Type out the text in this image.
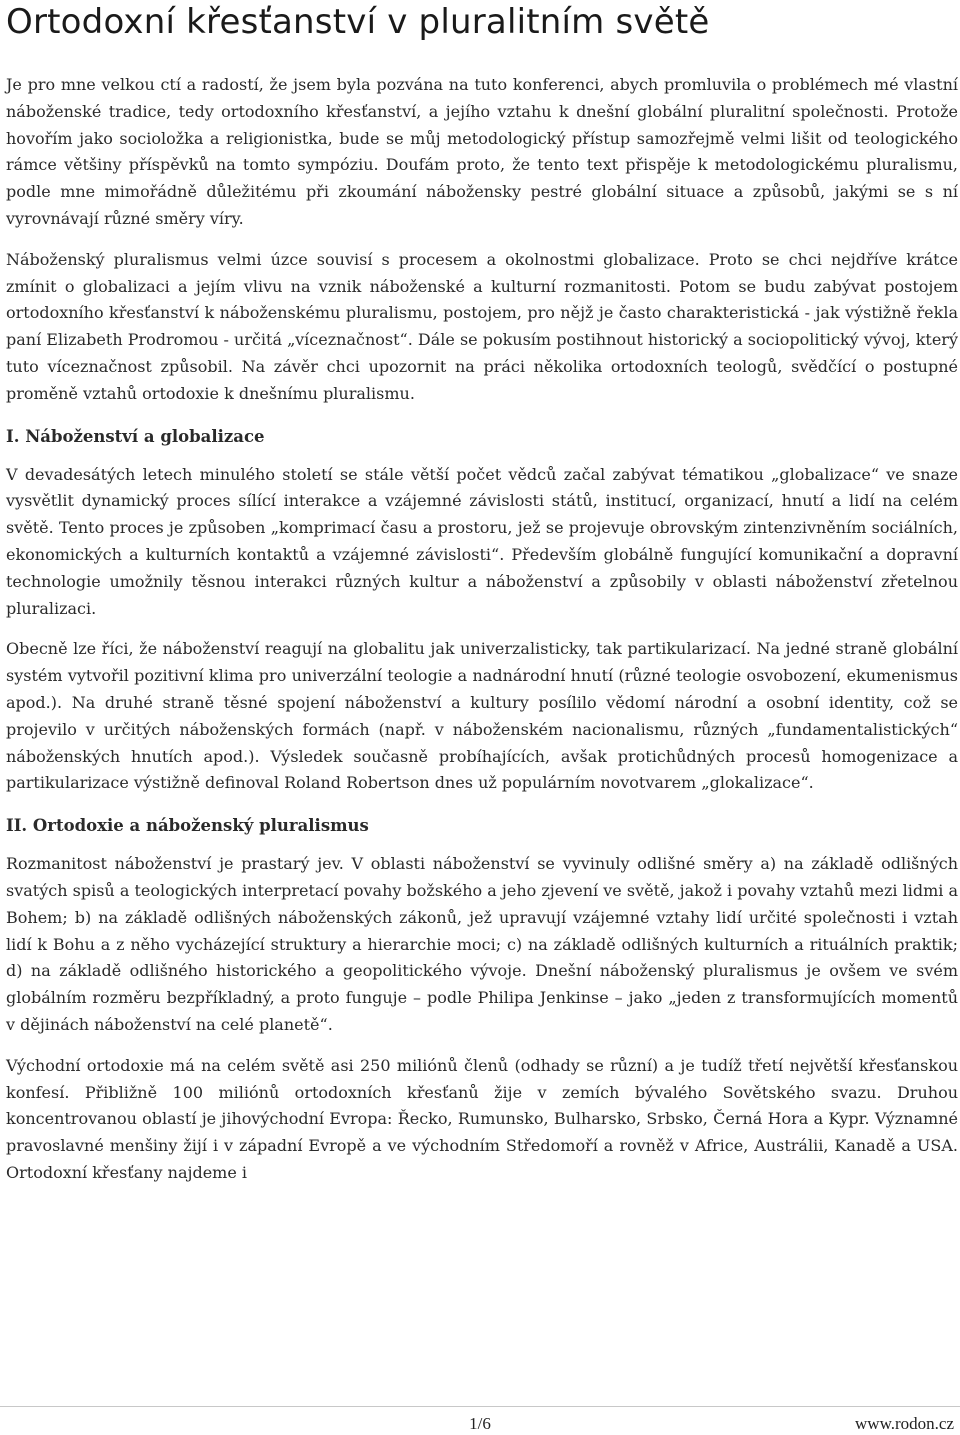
Ortodoxní křesťanství v pluralitním světě

Je pro mne velkou ctí a radostí, že jsem byla pozvána na tuto konferenci, abych promluvila o problémech mé vlastní náboženské tradice, tedy ortodoxního křesťanství, a jejího vztahu k dnešní globální pluralitní společnosti. Protože hovořím jako socioložka a religionistka, bude se můj metodologický přístup samozřejmě velmi lišit od teologického rámce většiny příspěvků na tomto sympóziu. Doufám proto, že tento text přispěje k metodologickému pluralismu, podle mne mimořádně důležitému při zkoumání nábožensky pestré globální situace a způsobů, jakými se s ní vyrovnávají různé směry víry.

Náboženský pluralismus velmi úzce souvisí s procesem a okolnostmi globalizace. Proto se chci nejdříve krátce zmínit o globalizaci a jejím vlivu na vznik náboženské a kulturní rozmanitosti. Potom se budu zabývat postojem ortodoxního křesťanství k náboženskému pluralismu, postojem, pro nějž je často charakteristická - jak výstižně řekla paní Elizabeth Prodromou - určitá „víceznačnost“. Dále se pokusím postihnout historický a sociopolitický vývoj, který tuto víceznačnost způsobil. Na závěr chci upozornit na práci několika ortodoxních teologů, svědčící o postupné proměně vztahů ortodoxie k dnešnímu pluralismu.

I. Náboženství a globalizace

V devadesátých letech minulého století se stále větší počet vědců začal zabývat tématikou „globalizace“ ve snaze vysvětlit dynamický proces sílící interakce a vzájemné závislosti států, institucí, organizací, hnutí a lidí na celém světě. Tento proces je způsoben „komprimací času a prostoru, jež se projevuje obrovským zintenzivněním sociálních, ekonomických a kulturních kontaktů a vzájemné závislosti“. Především globálně fungující komunikační a dopravní technologie umožnily těsnou interakci různých kultur a náboženství a způsobily v oblasti náboženství zřetelnou pluralizaci.

Obecně lze říci, že náboženství reagují na globalitu jak univerzalisticky, tak partikularizací. Na jedné straně globální systém vytvořil pozitivní klima pro univerzální teologie a nadnárodní hnutí (různé teologie osvobození, ekumenismus apod.). Na druhé straně těsné spojení náboženství a kultury posílilo vědomí národní a osobní identity, což se projevilo v určitých náboženských formách (např. v náboženském nacionalismu, různých „fundamentalistických“ náboženských hnutích apod.). Výsledek současně probíhajících, avšak protichůdných procesů homogenizace a partikularizace výstižně definoval Roland Robertson dnes už populárním novotvarem „glokalizace“.

II. Ortodoxie a náboženský pluralismus

Rozmanitost náboženství je prastarý jev. V oblasti náboženství se vyvinuly odlišné směry a) na základě odlišných svatých spisů a teologických interpretací povahy božského a jeho zjevení ve světě, jakož i povahy vztahů mezi lidmi a Bohem; b) na základě odlišných náboženských zákonů, jež upravují vzájemné vztahy lidí určité společnosti i vztah lidí k Bohu a z něho vycházející struktury a hierarchie moci; c) na základě odlišných kulturních a rituálních praktik; d) na základě odlišného historického a geopolitického vývoje. Dnešní náboženský pluralismus je ovšem ve svém globálním rozměru bezpříkladný, a proto funguje – podle Philipa Jenkinse – jako „jeden z transformujících momentů v dějinách náboženství na celé planetě“.

Východní ortodoxie má na celém světě asi 250 miliónů členů (odhady se různí) a je tudíž třetí největší křesťanskou konfesí. Přibližně 100 miliónů ortodoxních křesťanů žije v zemích bývalého Sovětského svazu. Druhou koncentrovanou oblastí je jihovýchodní Evropa: Řecko, Rumunsko, Bulharsko, Srbsko, Černá Hora a Kypr. Významné pravoslavné menšiny žijí i v západní Evropě a ve východním Středomoří a rovněž v Africe, Austrálii, Kanadě a USA. Ortodoxní křesťany najdeme i

1/6	www.rodon.cz
